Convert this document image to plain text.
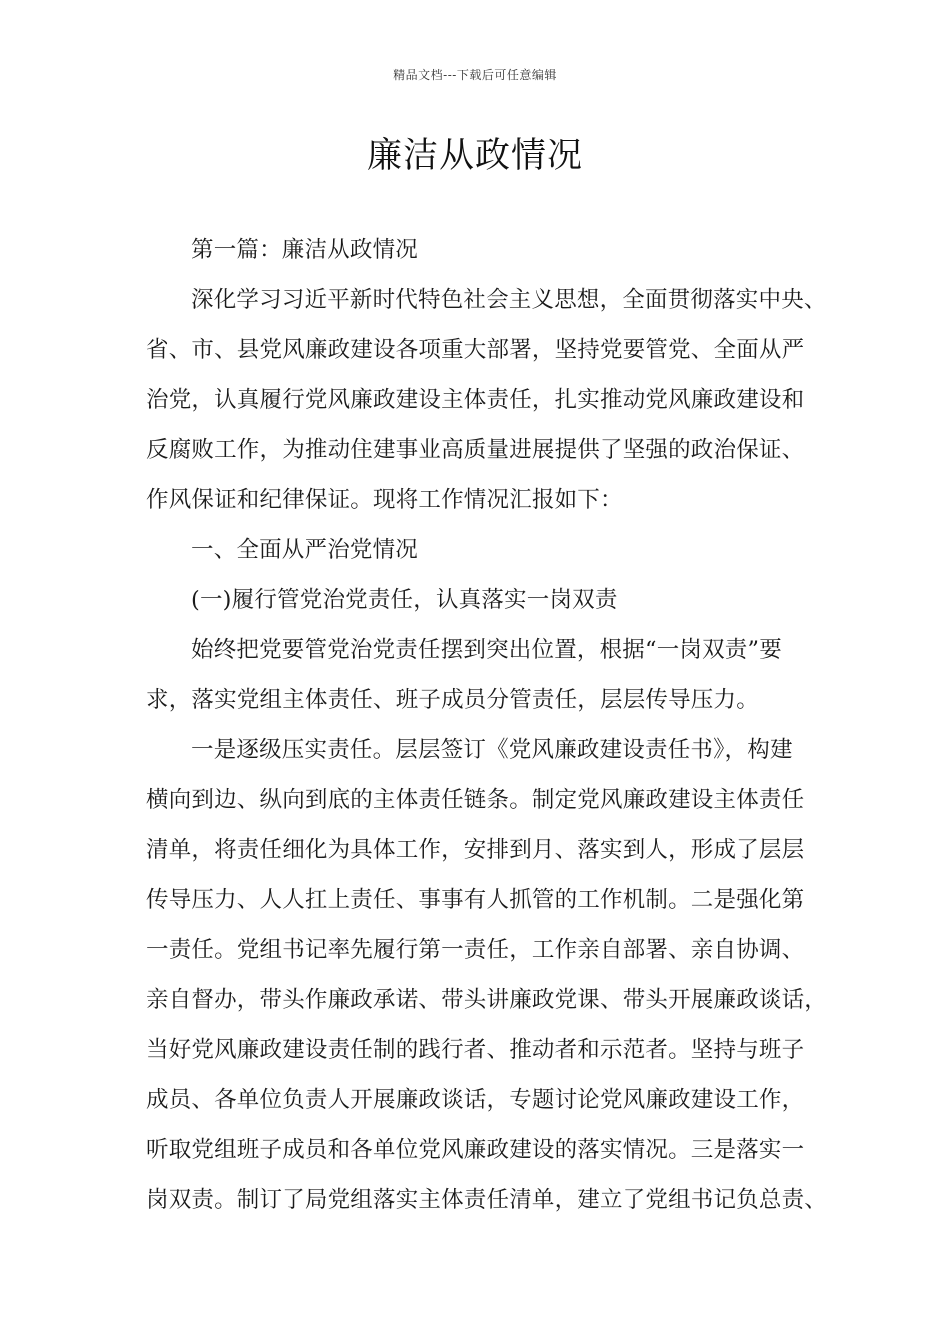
精品文档---下载后可任意编辑
廉洁从政情况
第一篇：廉洁从政情况
深化学习习近平新时代特色社会主义思想，全面贯彻落实中央、
省、市、县党风廉政建设各项重大部署，坚持党要管党、全面从严
治党，认真履行党风廉政建设主体责任，扎实推动党风廉政建设和
反腐败工作，为推动住建事业高质量进展提供了坚强的政治保证、
作风保证和纪律保证。现将工作情况汇报如下：
一、全面从严治党情况
(一)履行管党治党责任，认真落实一岗双责
始终把党要管党治党责任摆到突出位置，根据“一岗双责”要
求，落实党组主体责任、班子成员分管责任，层层传导压力。
一是逐级压实责任。层层签订《党风廉政建设责任书》，构建
横向到边、纵向到底的主体责任链条。制定党风廉政建设主体责任
清单，将责任细化为具体工作，安排到月、落实到人，形成了层层
传导压力、人人扛上责任、事事有人抓管的工作机制。二是强化第
一责任。党组书记率先履行第一责任，工作亲自部署、亲自协调、
亲自督办，带头作廉政承诺、带头讲廉政党课、带头开展廉政谈话，
当好党风廉政建设责任制的践行者、推动者和示范者。坚持与班子
成员、各单位负责人开展廉政谈话，专题讨论党风廉政建设工作，
听取党组班子成员和各单位党风廉政建设的落实情况。三是落实一
岗双责。制订了局党组落实主体责任清单，建立了党组书记负总责、
